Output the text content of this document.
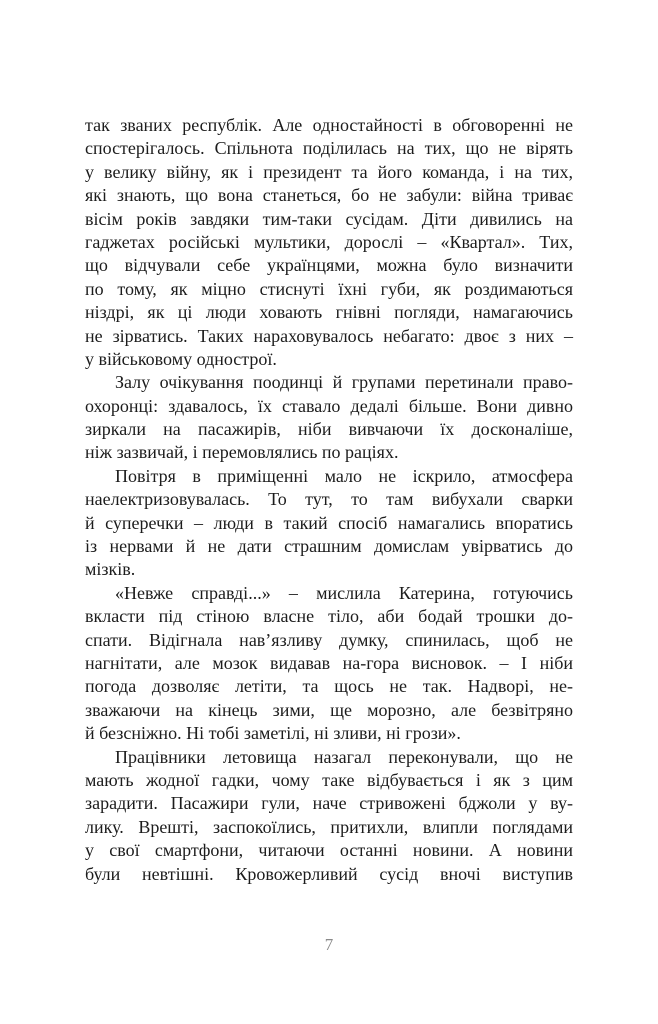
так званих республік. Але одностайності в обговоренні не
спостерігалось. Спільнота поділилась на тих, що не вірять
у велику війну, як і президент та його команда, і на тих,
які знають, що вона станеться, бо не забули: війна триває
вісім років завдяки тим-таки сусідам. Діти дивились на
гаджетах російські мультики, дорослі – «Квартал». Тих,
що відчували себе українцями, можна було визначити
по тому, як міцно стиснуті їхні губи, як роздимаються
ніздрі, як ці люди ховають гнівні погляди, намагаючись
не зірватись. Таких нараховувалось небагато: двоє з них –
у військовому однострої.
Залу очікування поодинці й групами перетинали право-
охоронці: здавалось, їх ставало дедалі більше. Вони дивно
зиркали на пасажирів, ніби вивчаючи їх досконаліше,
ніж зазвичай, і перемовлялись по раціях.
Повітря в приміщенні мало не іскрило, атмосфера
наелектризовувалась. То тут, то там вибухали сварки
й суперечки – люди в такий спосіб намагались впоратись
із нервами й не дати страшним домислам увірватись до
мізків.
«Невже справді...» – мислила Катерина, готуючись
вкласти під стіною власне тіло, аби бодай трошки до-
спати. Відігнала нав’язливу думку, спинилась, щоб не
нагнітати, але мозок видавав на-гора висновок. – І ніби
погода дозволяє летіти, та щось не так. Надворі, не-
зважаючи на кінець зими, ще морозно, але безвітряно
й безсніжно. Ні тобі заметілі, ні зливи, ні грози».
Працівники летовища назагал переконували, що не
мають жодної гадки, чому таке відбувається і як з цим
зарадити. Пасажири гули, наче стривожені бджоли у ву-
лику. Врешті, заспокоїлись, притихли, влипли поглядами
у свої смартфони, читаючи останні новини. А новини
були невтішні. Кровожерливий сусід вночі виступив
7
